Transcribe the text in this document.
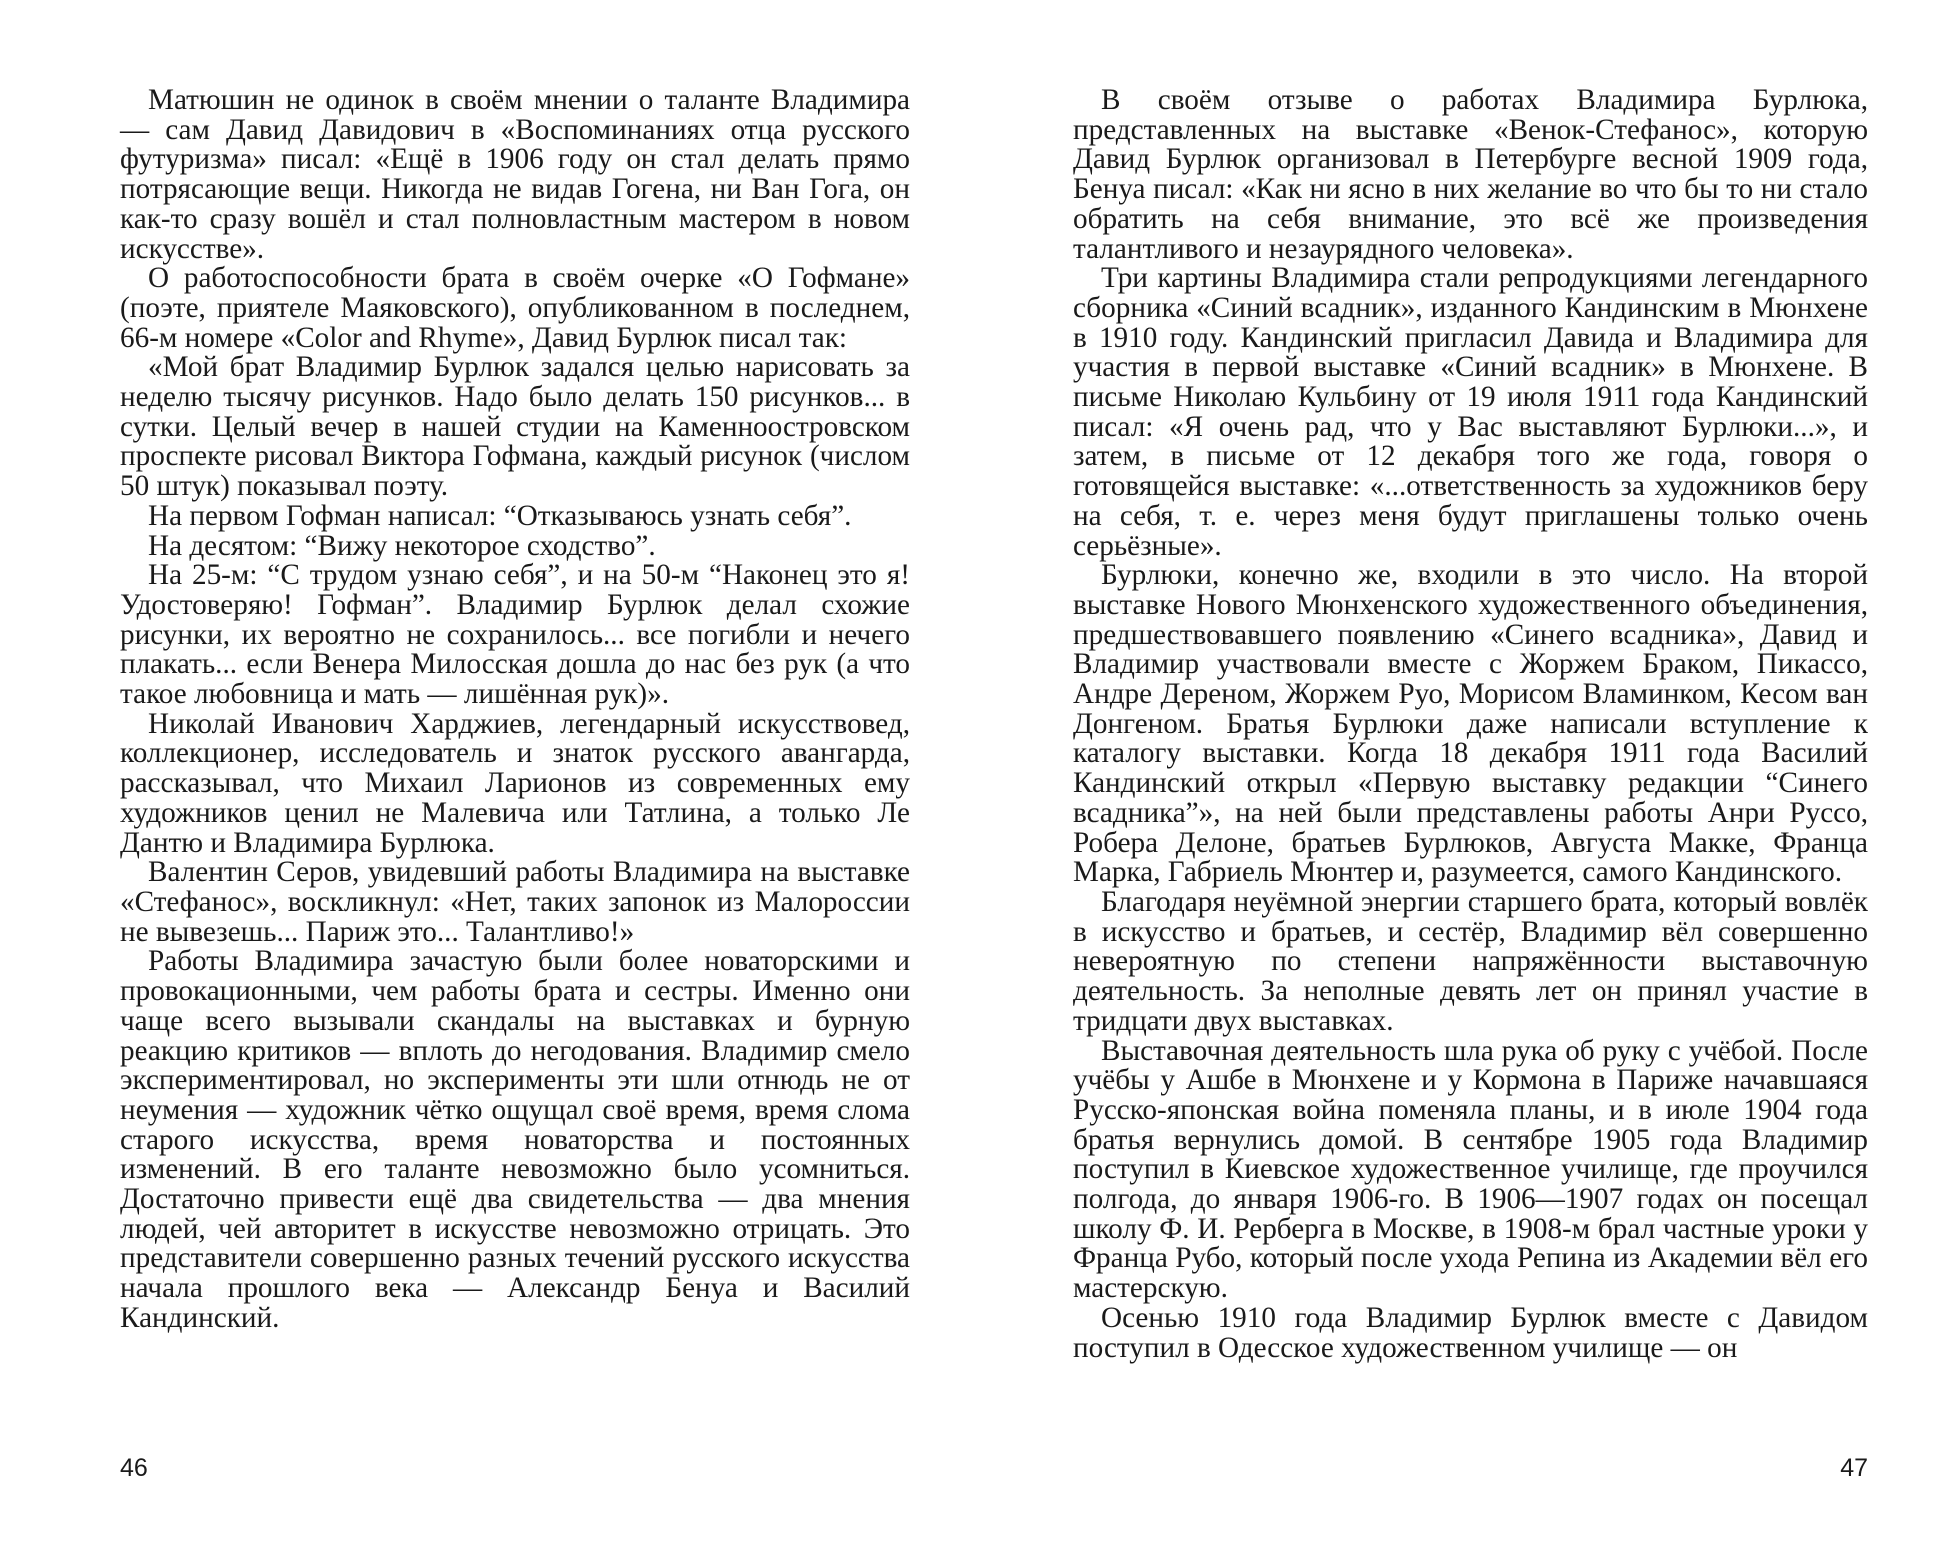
Матюшин не одинок в своём мнении о таланте Владимира — сам Давид Давидович в «Воспоминаниях отца русского футуризма» писал: «Ещё в 1906 году он стал делать прямо потрясающие вещи. Никогда не видав Гогена, ни Ван Гога, он как-то сразу вошёл и стал полновластным мастером в новом искусстве».

О работоспособности брата в своём очерке «О Гофмане» (поэте, приятеле Маяковского), опубликованном в последнем, 66-м номере «Color and Rhyme», Давид Бурлюк писал так:

«Мой брат Владимир Бурлюк задался целью нарисовать за неделю тысячу рисунков. Надо было делать 150 рисунков... в сутки. Целый вечер в нашей студии на Каменноостровском проспекте рисовал Виктора Гофмана, каждый рисунок (числом 50 штук) показывал поэту.

На первом Гофман написал: “Отказываюсь узнать себя”.

На десятом: “Вижу некоторое сходство”.

На 25-м: “С трудом узнаю себя”, и на 50-м “Наконец это я! Удостоверяю! Гофман”. Владимир Бурлюк делал схожие рисунки, их вероятно не сохранилось... все погибли и нечего плакать... если Венера Милосская дошла до нас без рук (а что такое любовница и мать — лишённая рук)».

Николай Иванович Харджиев, легендарный искусствовед, коллекционер, исследователь и знаток русского авангарда, рассказывал, что Михаил Ларионов из современных ему художников ценил не Малевича или Татлина, а только Ле Дантю и Владимира Бурлюка.

Валентин Серов, увидевший работы Владимира на выставке «Стефанос», воскликнул: «Нет, таких запонок из Малороссии не вывезешь... Париж это... Талантливо!»

Работы Владимира зачастую были более новаторскими и провокационными, чем работы брата и сестры. Именно они чаще всего вызывали скандалы на выставках и бурную реакцию критиков — вплоть до негодования. Владимир смело экспериментировал, но эксперименты эти шли отнюдь не от неумения — художник чётко ощущал своё время, время слома старого искусства, время новаторства и постоянных изменений. В его таланте невозможно было усомниться. Достаточно привести ещё два свидетельства — два мнения людей, чей авторитет в искусстве невозможно отрицать. Это представители совершенно разных течений русского искусства начала прошлого века — Александр Бенуа и Василий Кандинский.

46

В своём отзыве о работах Владимира Бурлюка, представленных на выставке «Венок-Стефанос», которую Давид Бурлюк организовал в Петербурге весной 1909 года, Бенуа писал: «Как ни ясно в них желание во что бы то ни стало обратить на себя внимание, это всё же произведения талантливого и незаурядного человека».

Три картины Владимира стали репродукциями легендарного сборника «Синий всадник», изданного Кандинским в Мюнхене в 1910 году. Кандинский пригласил Давида и Владимира для участия в первой выставке «Синий всадник» в Мюнхене. В письме Николаю Кульбину от 19 июля 1911 года Кандинский писал: «Я очень рад, что у Вас выставляют Бурлюки...», и затем, в письме от 12 декабря того же года, говоря о готовящейся выставке: «...ответственность за художников беру на себя, т. е. через меня будут приглашены только очень серьёзные».

Бурлюки, конечно же, входили в это число. На второй выставке Нового Мюнхенского художественного объединения, предшествовавшего появлению «Синего всадника», Давид и Владимир участвовали вместе с Жоржем Браком, Пикассо, Андре Дереном, Жоржем Руо, Морисом Вламинком, Кесом ван Донгеном. Братья Бурлюки даже написали вступление к каталогу выставки. Когда 18 декабря 1911 года Василий Кандинский открыл «Первую выставку редакции “Синего всадника”», на ней были представлены работы Анри Руссо, Робера Делоне, братьев Бурлюков, Августа Макке, Франца Марка, Габриель Мюнтер и, разумеется, самого Кандинского.

Благодаря неуёмной энергии старшего брата, который вовлёк в искусство и братьев, и сестёр, Владимир вёл совершенно невероятную по степени напряжённости выставочную деятельность. За неполные девять лет он принял участие в тридцати двух выставках.

Выставочная деятельность шла рука об руку с учёбой. После учёбы у Ашбе в Мюнхене и у Кормона в Париже начавшаяся Русско-японская война поменяла планы, и в июле 1904 года братья вернулись домой. В сентябре 1905 года Владимир поступил в Киевское художественное училище, где проучился полгода, до января 1906-го. В 1906—1907 годах он посещал школу Ф. И. Рерберга в Москве, в 1908-м брал частные уроки у Франца Рубо, который после ухода Репина из Академии вёл его мастерскую.

Осенью 1910 года Владимир Бурлюк вместе с Давидом поступил в Одесское художественном училище — он

47
